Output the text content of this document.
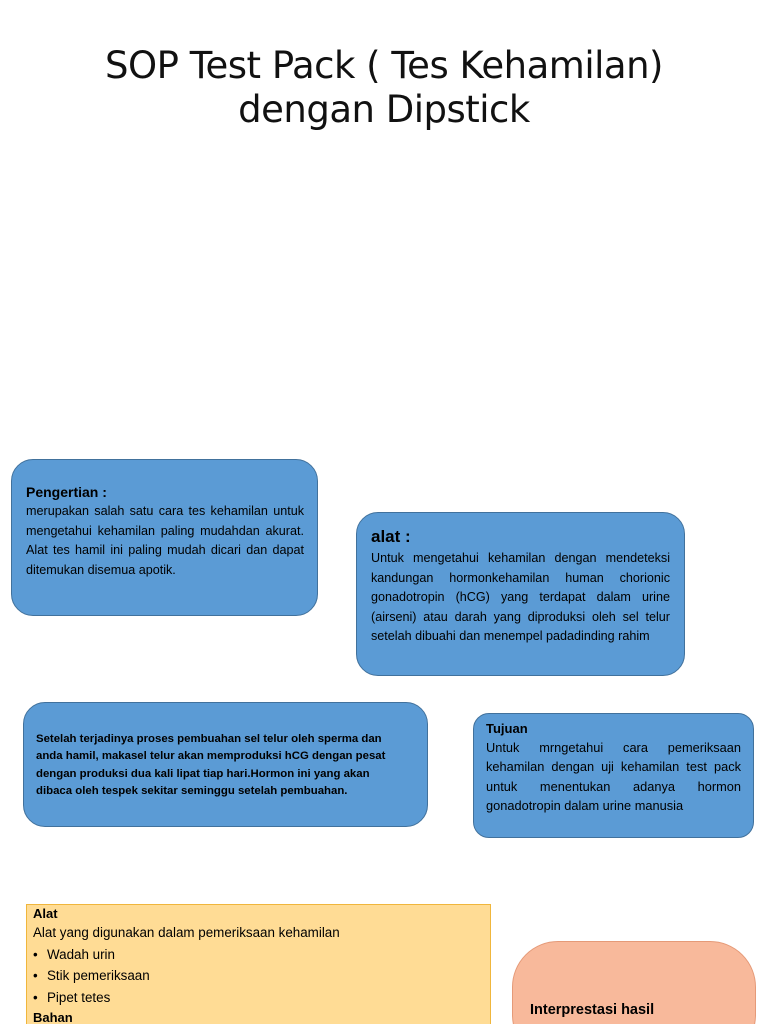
SOP Test Pack ( Tes Kehamilan)
dengan Dipstick
Pengertian :
merupakan salah satu cara tes kehamilan untuk mengetahui kehamilan paling mudahdan akurat. Alat tes hamil ini paling mudah dicari dan dapat ditemukan disemua apotik.
alat :
Untuk mengetahui kehamilan dengan mendeteksi kandungan hormonkehamilan human chorionic gonadotropin (hCG) yang terdapat dalam urine (airseni) atau darah yang diproduksi oleh sel telur setelah dibuahi dan menempel padadinding rahim
Setelah terjadinya proses pembuahan sel telur oleh sperma dan anda hamil, makasel telur akan memproduksi hCG dengan pesat dengan produksi dua kali lipat tiap hari.Hormon ini yang akan dibaca oleh tespek sekitar seminggu setelah pembuahan.
Tujuan
Untuk mrngetahui cara pemeriksaan kehamilan dengan uji kehamilan test pack untuk menentukan adanya hormon gonadotropin dalam urine manusia
Alat
Alat yang digunakan dalam pemeriksaan kehamilan
• Wadah urin
• Stik pemeriksaan
• Pipet tetes
Bahan	Interprestasi hasil
